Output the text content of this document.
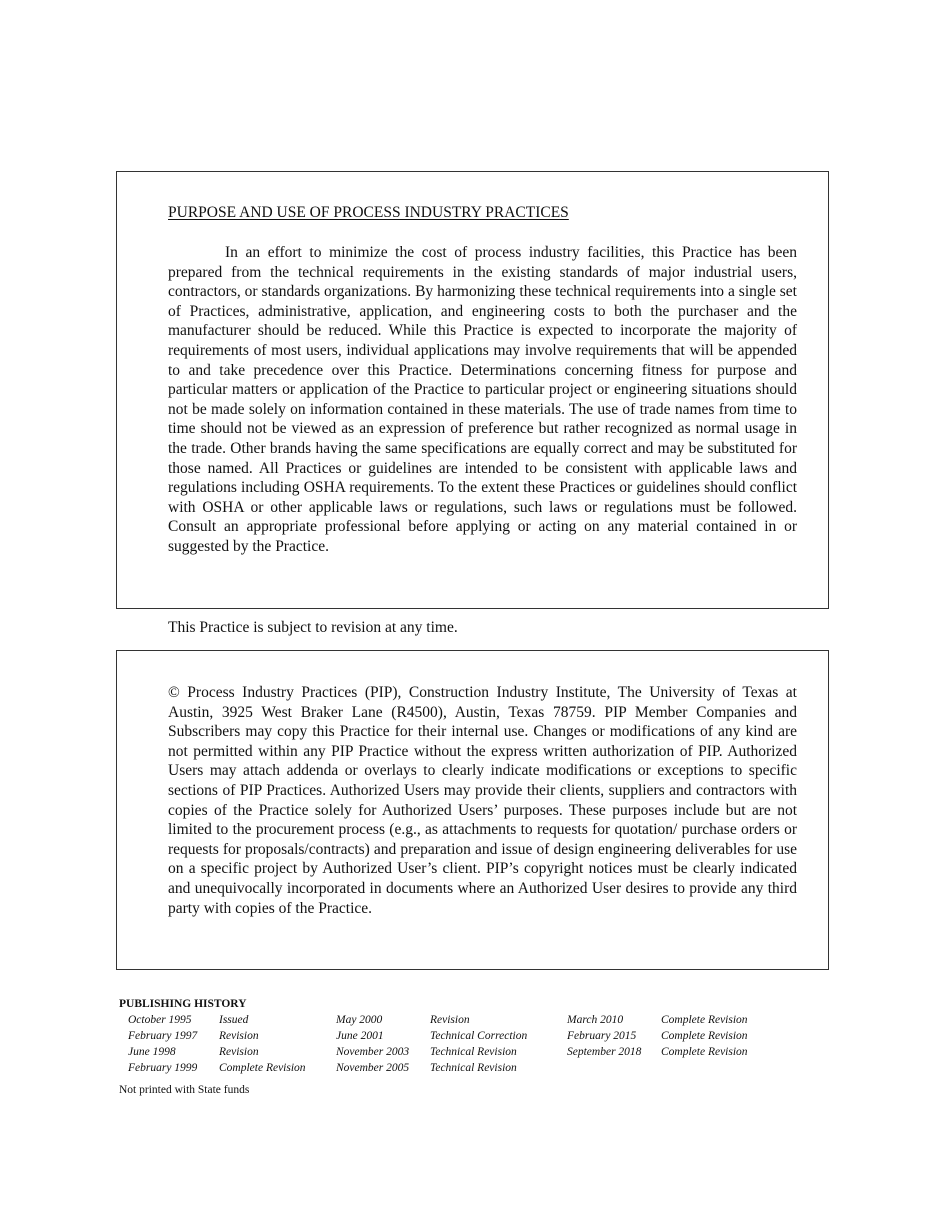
PURPOSE AND USE OF PROCESS INDUSTRY PRACTICES

In an effort to minimize the cost of process industry facilities, this Practice has been prepared from the technical requirements in the existing standards of major industrial users, contractors, or standards organizations. By harmonizing these technical requirements into a single set of Practices, administrative, application, and engineering costs to both the purchaser and the manufacturer should be reduced. While this Practice is expected to incorporate the majority of requirements of most users, individual applications may involve requirements that will be appended to and take precedence over this Practice. Determinations concerning fitness for purpose and particular matters or application of the Practice to particular project or engineering situations should not be made solely on information contained in these materials. The use of trade names from time to time should not be viewed as an expression of preference but rather recognized as normal usage in the trade. Other brands having the same specifications are equally correct and may be substituted for those named. All Practices or guidelines are intended to be consistent with applicable laws and regulations including OSHA requirements. To the extent these Practices or guidelines should conflict with OSHA or other applicable laws or regulations, such laws or regulations must be followed. Consult an appropriate professional before applying or acting on any material contained in or suggested by the Practice.

This Practice is subject to revision at any time.

© Process Industry Practices (PIP), Construction Industry Institute, The University of Texas at Austin, 3925 West Braker Lane (R4500), Austin, Texas 78759. PIP Member Companies and Subscribers may copy this Practice for their internal use. Changes or modifications of any kind are not permitted within any PIP Practice without the express written authorization of PIP. Authorized Users may attach addenda or overlays to clearly indicate modifications or exceptions to specific sections of PIP Practices. Authorized Users may provide their clients, suppliers and contractors with copies of the Practice solely for Authorized Users’ purposes. These purposes include but are not limited to the procurement process (e.g., as attachments to requests for quotation/ purchase orders or requests for proposals/contracts) and preparation and issue of design engineering deliverables for use on a specific project by Authorized User’s client. PIP’s copyright notices must be clearly indicated and unequivocally incorporated in documents where an Authorized User desires to provide any third party with copies of the Practice.

PUBLISHING HISTORY

October 1995 Issued	May 2000	Revision	March 2010	Complete Revision
February 1997 Revision	June 2001	Technical Correction	February 2015 Complete Revision
June 1998	Revision	November 2003 Technical Revision	September 2018 Complete Revision
February 1999 Complete Revision	November 2005 Technical Revision

Not printed with State funds
